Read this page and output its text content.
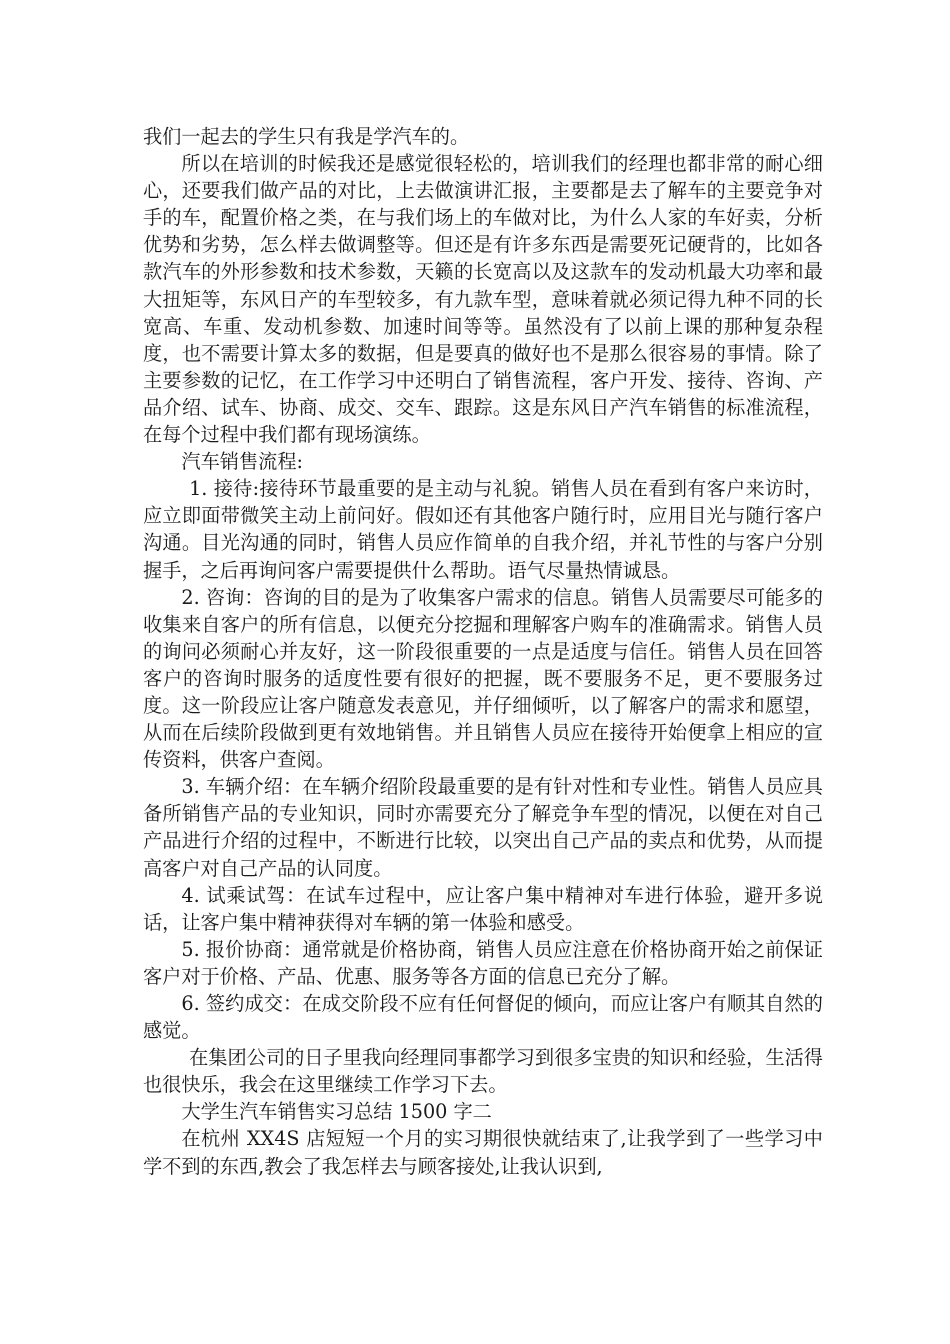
我们一起去的学生只有我是学汽车的。

所以在培训的时候我还是感觉很轻松的，培训我们的经理也都非常的耐心细心，还要我们做产品的对比，上去做演讲汇报，主要都是去了解车的主要竞争对手的车，配置价格之类，在与我们场上的车做对比，为什么人家的车好卖，分析优势和劣势，怎么样去做调整等。但还是有许多东西是需要死记硬背的，比如各款汽车的外形参数和技术参数，天籁的长宽高以及这款车的发动机最大功率和最大扭矩等，东风日产的车型较多，有九款车型，意味着就必须记得九种不同的长宽高、车重、发动机参数、加速时间等等。虽然没有了以前上课的那种复杂程度，也不需要计算太多的数据，但是要真的做好也不是那么很容易的事情。除了主要参数的记忆，在工作学习中还明白了销售流程，客户开发、接待、咨询、产品介绍、试车、协商、成交、交车、跟踪。这是东风日产汽车销售的标准流程，在每个过程中我们都有现场演练。

汽车销售流程:

1. 接待:接待环节最重要的是主动与礼貌。销售人员在看到有客户来访时，应立即面带微笑主动上前问好。假如还有其他客户随行时，应用目光与随行客户沟通。目光沟通的同时，销售人员应作简单的自我介绍，并礼节性的与客户分别握手，之后再询问客户需要提供什么帮助。语气尽量热情诚恳。

2. 咨询：咨询的目的是为了收集客户需求的信息。销售人员需要尽可能多的收集来自客户的所有信息，以便充分挖掘和理解客户购车的准确需求。销售人员的询问必须耐心并友好，这一阶段很重要的一点是适度与信任。销售人员在回答客户的咨询时服务的适度性要有很好的把握，既不要服务不足，更不要服务过度。这一阶段应让客户随意发表意见，并仔细倾听，以了解客户的需求和愿望，从而在后续阶段做到更有效地销售。并且销售人员应在接待开始便拿上相应的宣传资料，供客户查阅。

3. 车辆介绍：在车辆介绍阶段最重要的是有针对性和专业性。销售人员应具备所销售产品的专业知识，同时亦需要充分了解竞争车型的情况，以便在对自己产品进行介绍的过程中，不断进行比较，以突出自己产品的卖点和优势，从而提高客户对自己产品的认同度。

4. 试乘试驾：在试车过程中，应让客户集中精神对车进行体验，避开多说话，让客户集中精神获得对车辆的第一体验和感受。

5. 报价协商：通常就是价格协商，销售人员应注意在价格协商开始之前保证客户对于价格、产品、优惠、服务等各方面的信息已充分了解。

6. 签约成交：在成交阶段不应有任何督促的倾向，而应让客户有顺其自然的感觉。

在集团公司的日子里我向经理同事都学习到很多宝贵的知识和经验，生活得也很快乐，我会在这里继续工作学习下去。

大学生汽车销售实习总结 1500 字二

在杭州 XX4S 店短短一个月的实习期很快就结束了,让我学到了一些学习中学不到的东西,教会了我怎样去与顾客接处,让我认识到,
